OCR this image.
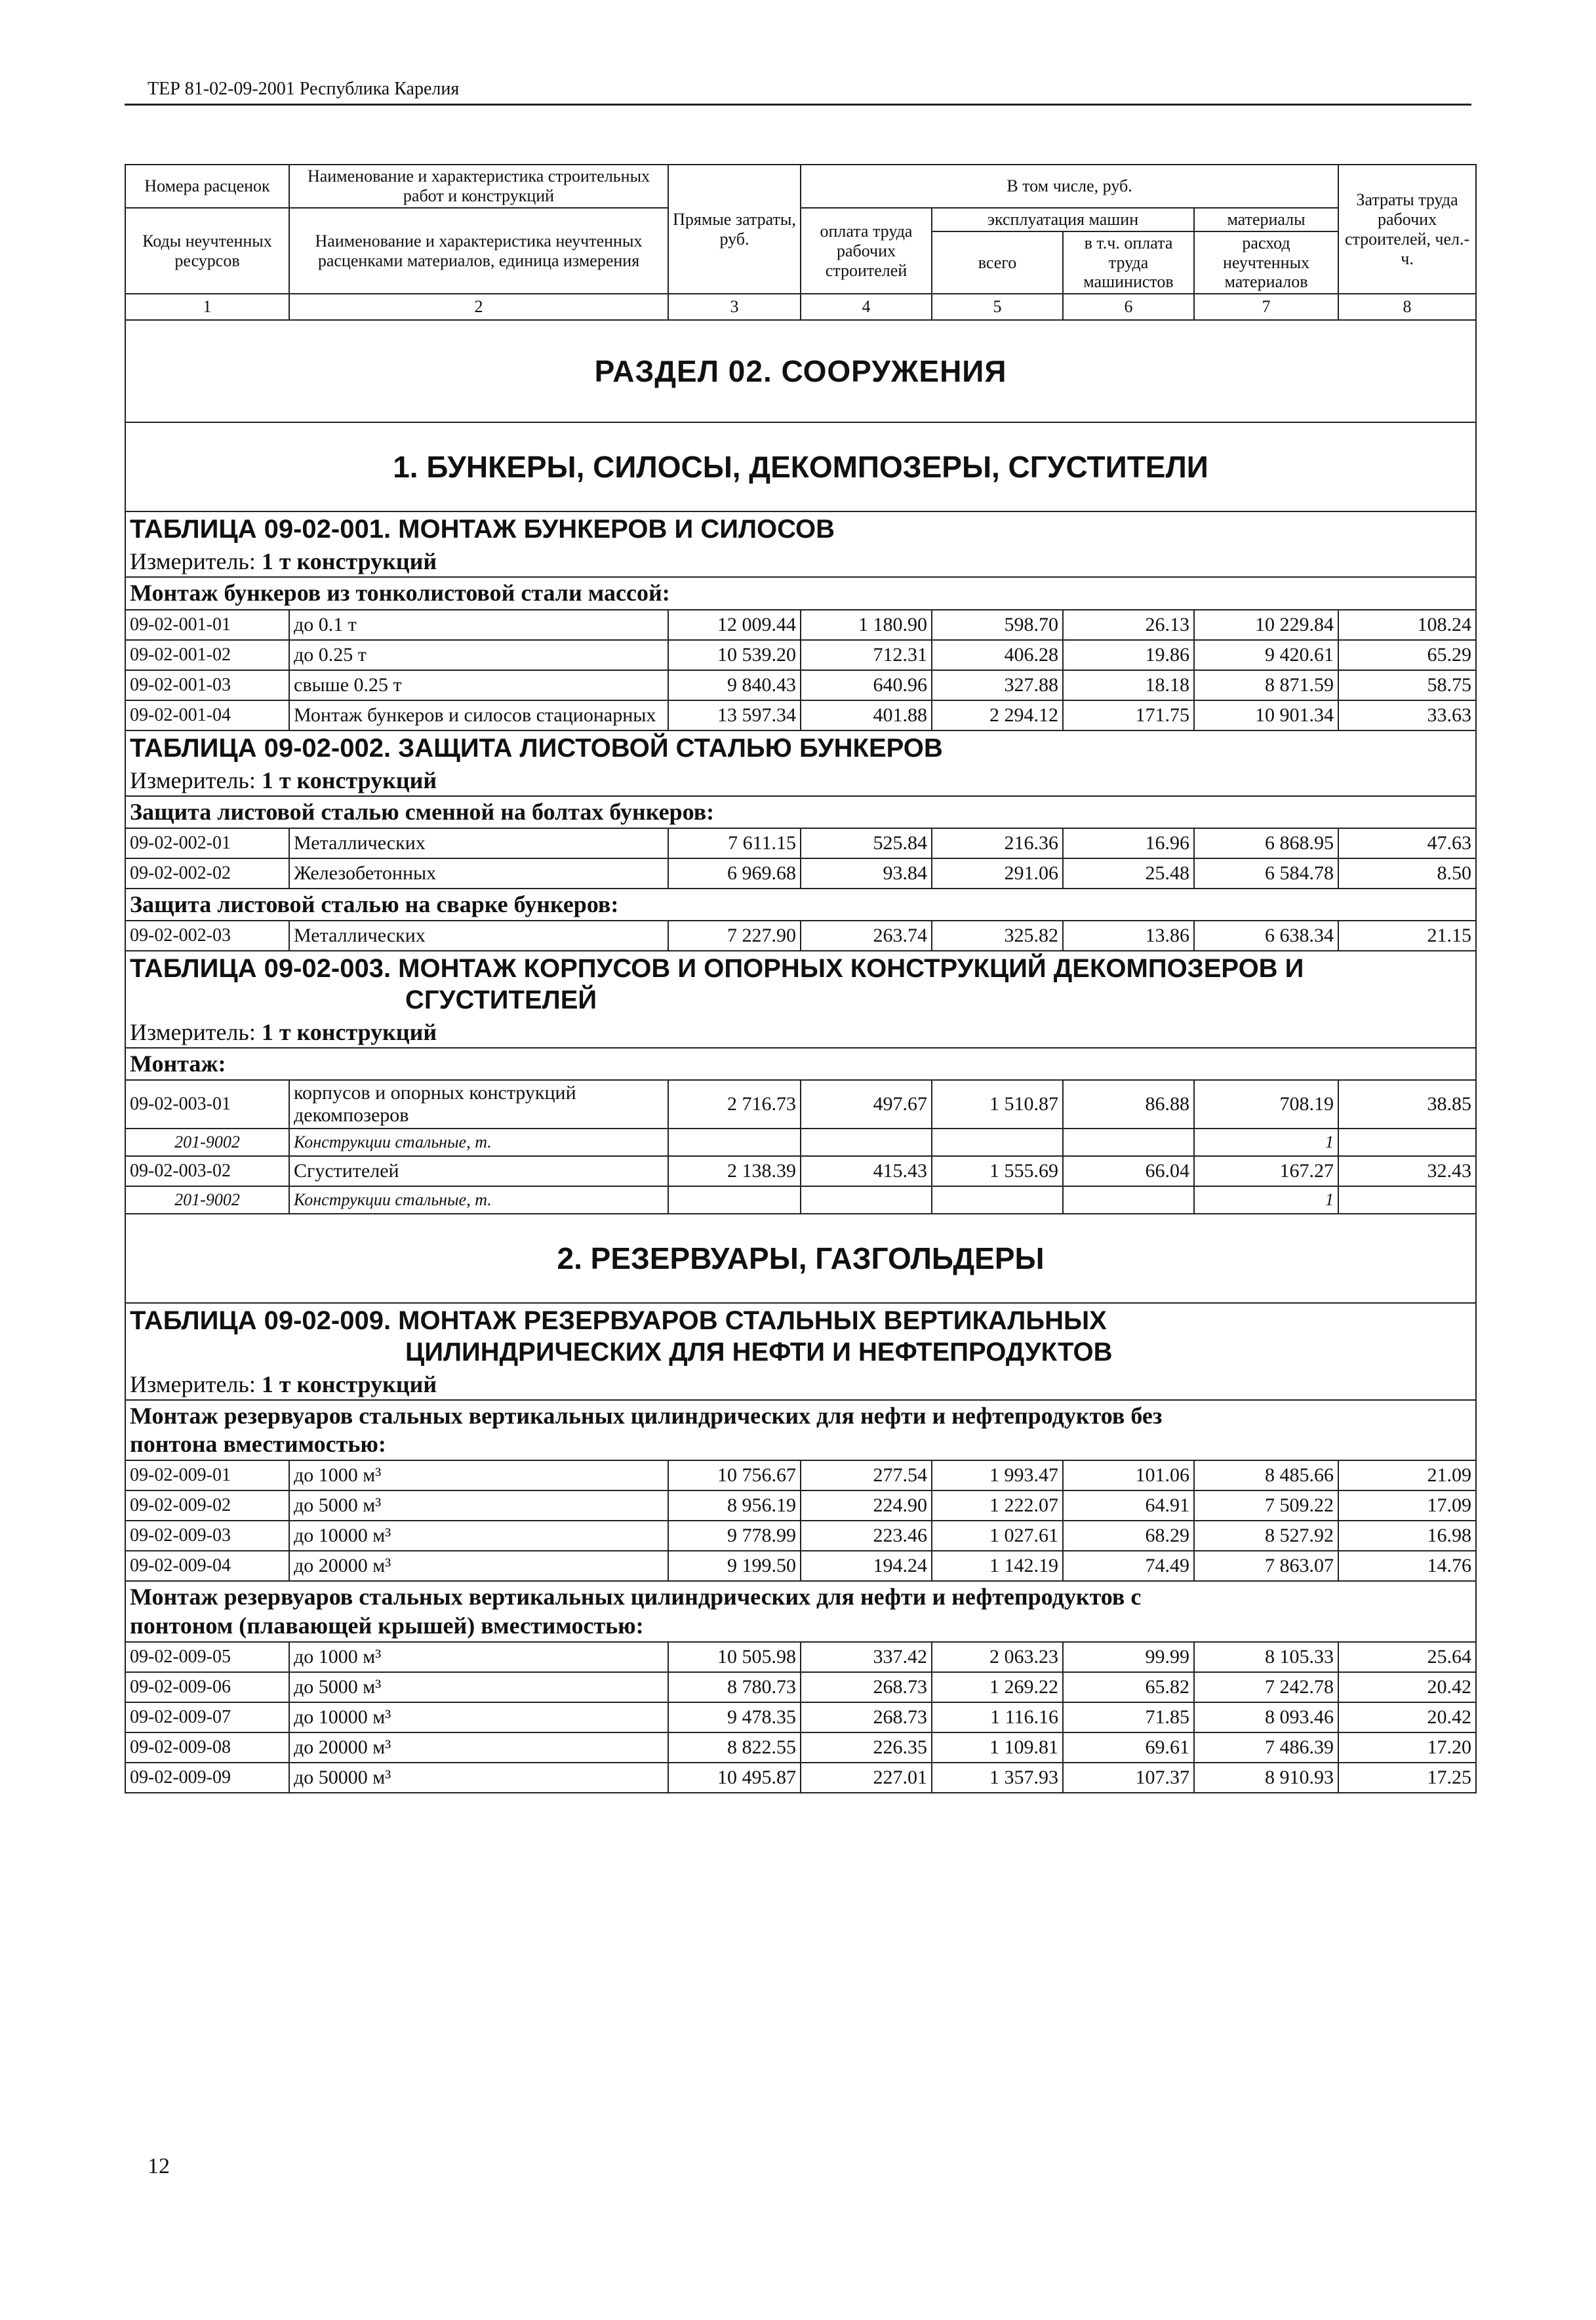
ТЕР 81-02-09-2001 Республика Карелия
Номера расценок	Наименование и характеристика строительных работ и конструкций	Прямые затраты, руб.	В том числе, руб.				Затраты труда рабочих строителей, чел.-ч.
Коды неучтенных ресурсов	Наименование и характеристика неучтенных расценками материалов, единица измерения		оплата труда рабочих строителей	эксплуатация машин		материалы	
				всего	в т.ч. оплата труда машинистов	расход неучтенных материалов	
1	2	3	4	5	6	7	8
РАЗДЕЛ 02. СООРУЖЕНИЯ							
1. БУНКЕРЫ, СИЛОСЫ, ДЕКОМПОЗЕРЫ, СГУСТИТЕЛИ							
ТАБЛИЦА 09-02-001. МОНТАЖ БУНКЕРОВ И СИЛОСОВ							
Измеритель: 1 т конструкций							
Монтаж бункеров из тонколистовой стали массой:							
09-02-001-01	до 0.1 т	12 009.44	1 180.90	598.70	26.13	10 229.84	108.24
09-02-001-02	до 0.25 т	10 539.20	712.31	406.28	19.86	9 420.61	65.29
09-02-001-03	свыше 0.25 т	9 840.43	640.96	327.88	18.18	8 871.59	58.75
09-02-001-04	Монтаж бункеров и силосов стационарных	13 597.34	401.88	2 294.12	171.75	10 901.34	33.63
ТАБЛИЦА 09-02-002. ЗАЩИТА ЛИСТОВОЙ СТАЛЬЮ БУНКЕРОВ							
Измеритель: 1 т конструкций							
Защита листовой сталью сменной на болтах бункеров:							
09-02-002-01	Металлических	7 611.15	525.84	216.36	16.96	6 868.95	47.63
09-02-002-02	Железобетонных	6 969.68	93.84	291.06	25.48	6 584.78	8.50
Защита листовой сталью на сварке бункеров:							
09-02-002-03	Металлических	7 227.90	263.74	325.82	13.86	6 638.34	21.15
ТАБЛИЦА 09-02-003. МОНТАЖ КОРПУСОВ И ОПОРНЫХ КОНСТРУКЦИЙ ДЕКОМПОЗЕРОВ И
СГУСТИТЕЛЕЙ							

Измеритель: 1 т конструкций							
Монтаж:							
09-02-003-01	корпусов и опорных конструкций декомпозеров	2 716.73	497.67	1 510.87	86.88	708.19	38.85
201-9002	Конструкции стальные, т.					1	
09-02-003-02	Сгустителей	2 138.39	415.43	1 555.69	66.04	167.27	32.43
201-9002	Конструкции стальные, т.					1	
2. РЕЗЕРВУАРЫ, ГАЗГОЛЬДЕРЫ							
ТАБЛИЦА 09-02-009. МОНТАЖ РЕЗЕРВУАРОВ СТАЛЬНЫХ ВЕРТИКАЛЬНЫХ
ЦИЛИНДРИЧЕСКИХ ДЛЯ НЕФТИ И НЕФТЕПРОДУКТОВ							

Измеритель: 1 т конструкций							
Монтаж резервуаров стальных вертикальных цилиндрических для нефти и нефтепродуктов без
понтона вместимостью:							

09-02-009-01	до 1000 м³	10 756.67	277.54	1 993.47	101.06	8 485.66	21.09
09-02-009-02	до 5000 м³	8 956.19	224.90	1 222.07	64.91	7 509.22	17.09
09-02-009-03	до 10000 м³	9 778.99	223.46	1 027.61	68.29	8 527.92	16.98
09-02-009-04	до 20000 м³	9 199.50	194.24	1 142.19	74.49	7 863.07	14.76
Монтаж резервуаров стальных вертикальных цилиндрических для нефти и нефтепродуктов с
понтоном (плавающей крышей) вместимостью:							

09-02-009-05	до 1000 м³	10 505.98	337.42	2 063.23	99.99	8 105.33	25.64
09-02-009-06	до 5000 м³	8 780.73	268.73	1 269.22	65.82	7 242.78	20.42
09-02-009-07	до 10000 м³	9 478.35	268.73	1 116.16	71.85	8 093.46	20.42
09-02-009-08	до 20000 м³	8 822.55	226.35	1 109.81	69.61	7 486.39	17.20
09-02-009-09	до 50000 м³	10 495.87	227.01	1 357.93	107.37	8 910.93	17.25
12
